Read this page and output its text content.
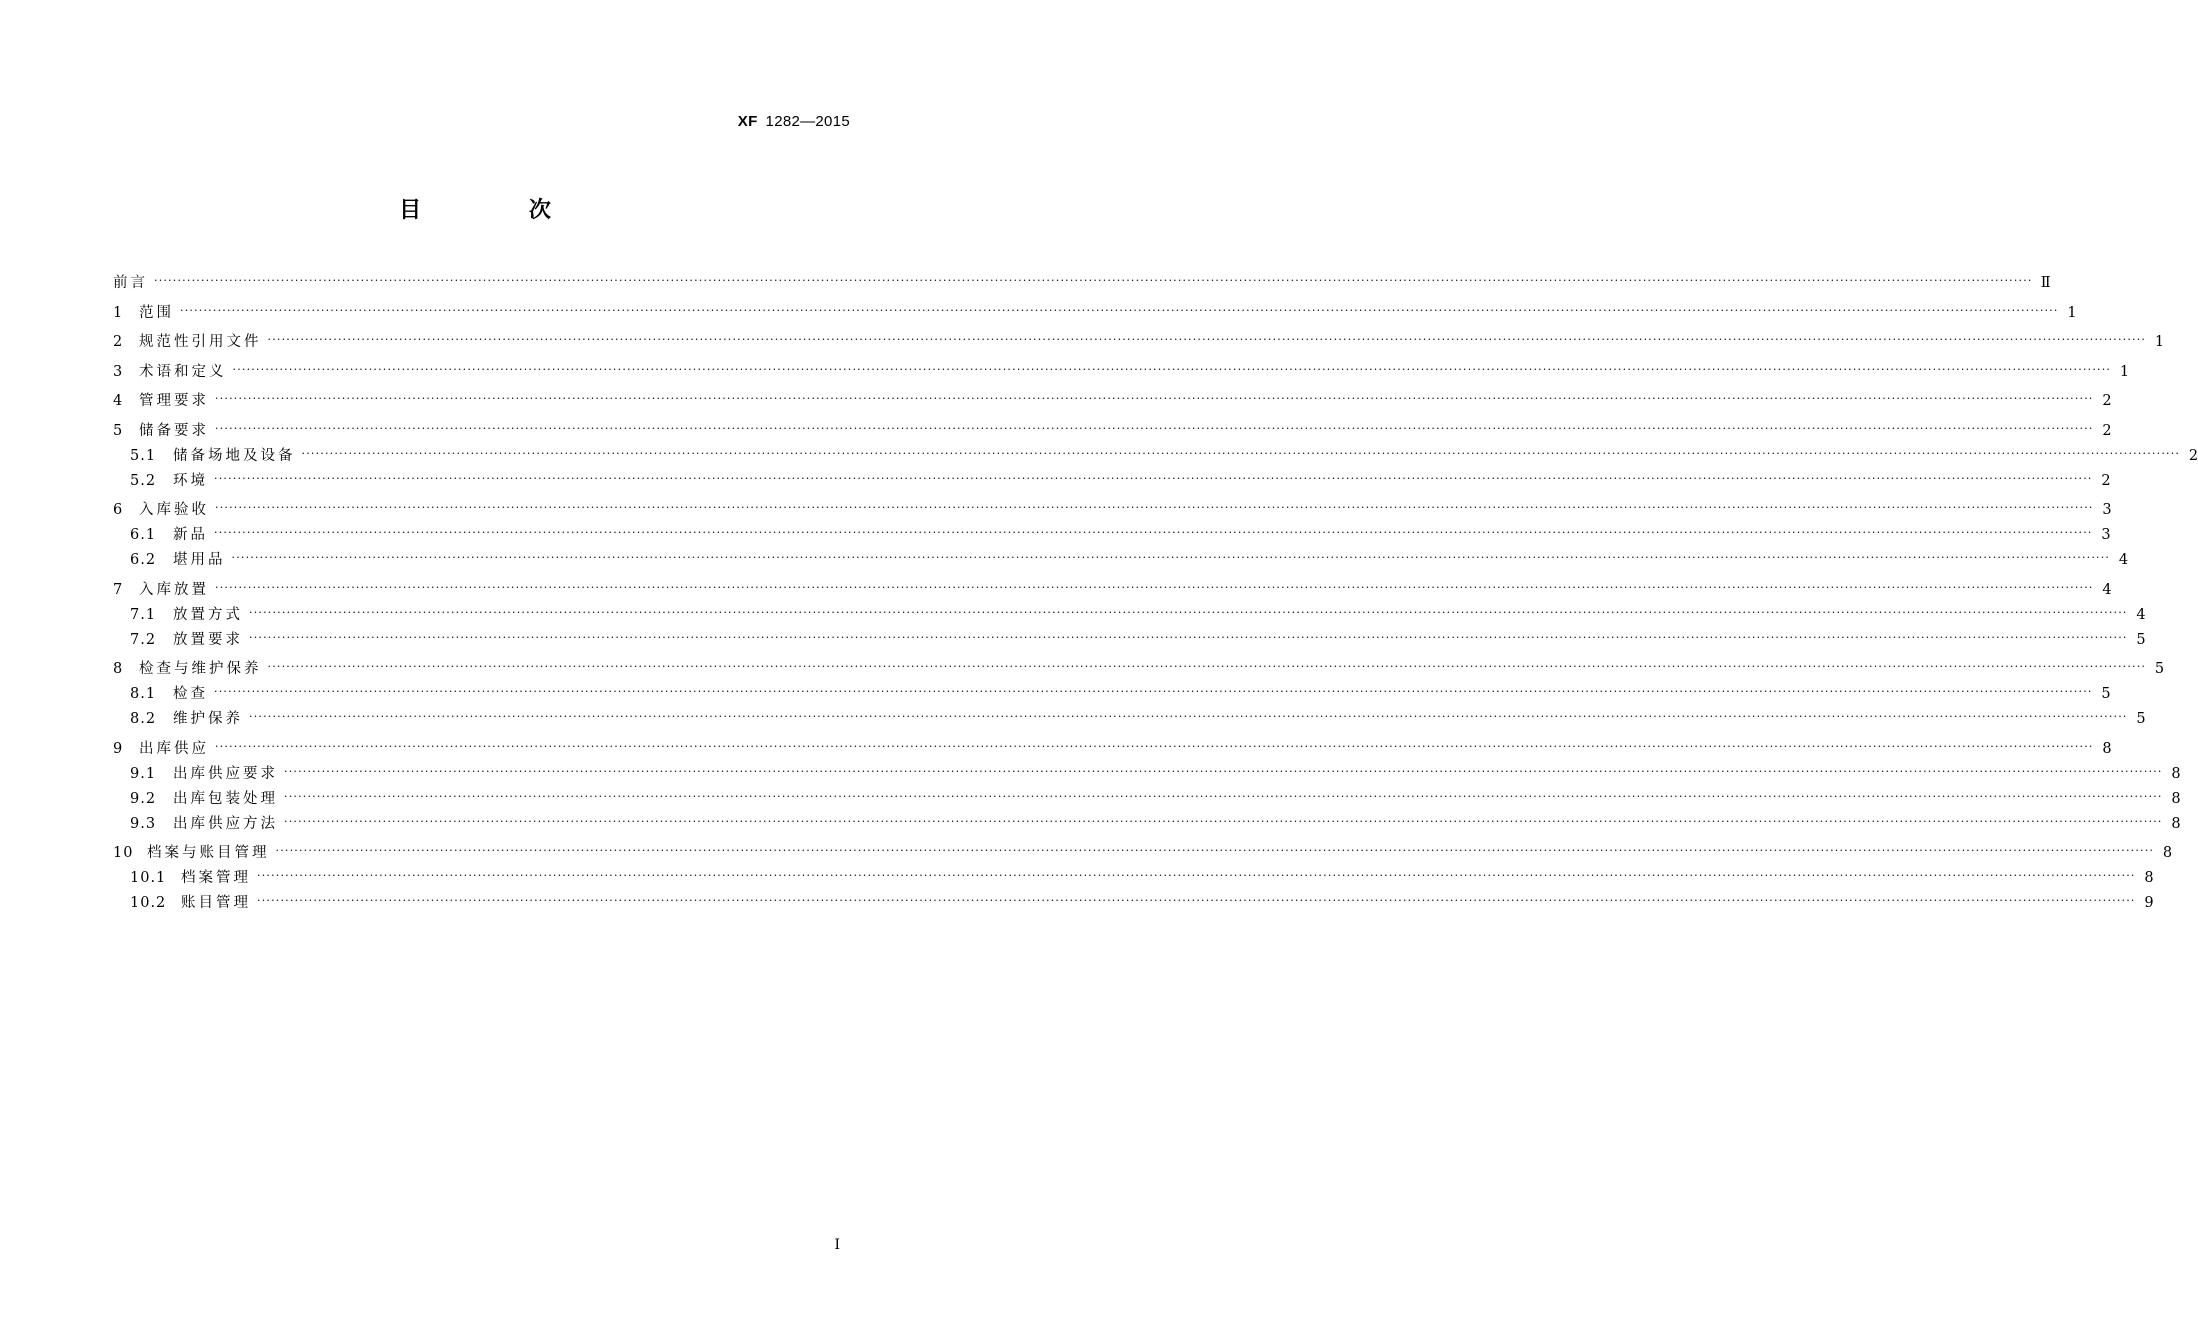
XF 1282—2015
目 次
前言 ················································································································································································································································································································································································································ Ⅱ
1	范围 ················································································································································································································································································································································································································ 1
2	规范性引用文件 ················································································································································································································································································································································································································ 1
3	术语和定义 ················································································································································································································································································································································································································ 1
4	管理要求 ················································································································································································································································································································································································································ 2
5	储备要求 ················································································································································································································································································································································································································ 2
5.1	储备场地及设备 ················································································································································································································································································································································································································ 2
5.2	环境 ················································································································································································································································································································································································································ 2
6	入库验收 ················································································································································································································································································································································································································ 3
6.1	新品 ················································································································································································································································································································································································································ 3
6.2	堪用品 ················································································································································································································································································································································································································ 4
7	入库放置 ················································································································································································································································································································································································································ 4
7.1	放置方式 ················································································································································································································································································································································································································ 4
7.2	放置要求 ················································································································································································································································································································································································································ 5
8	检查与维护保养 ················································································································································································································································································································································································································ 5
8.1	检查 ················································································································································································································································································································································································································ 5
8.2	维护保养 ················································································································································································································································································································································································································ 5
9	出库供应 ················································································································································································································································································································································································································ 8
9.1	出库供应要求 ················································································································································································································································································································································································································ 8
9.2	出库包装处理 ················································································································································································································································································································································································································ 8
9.3	出库供应方法 ················································································································································································································································································································································································································ 8
10 档案与账目管理 ················································································································································································································································································································································································································ 8
10.1	档案管理 ················································································································································································································································································································································································································ 8
10.2	账目管理 ················································································································································································································································································································································································································ 9
I
